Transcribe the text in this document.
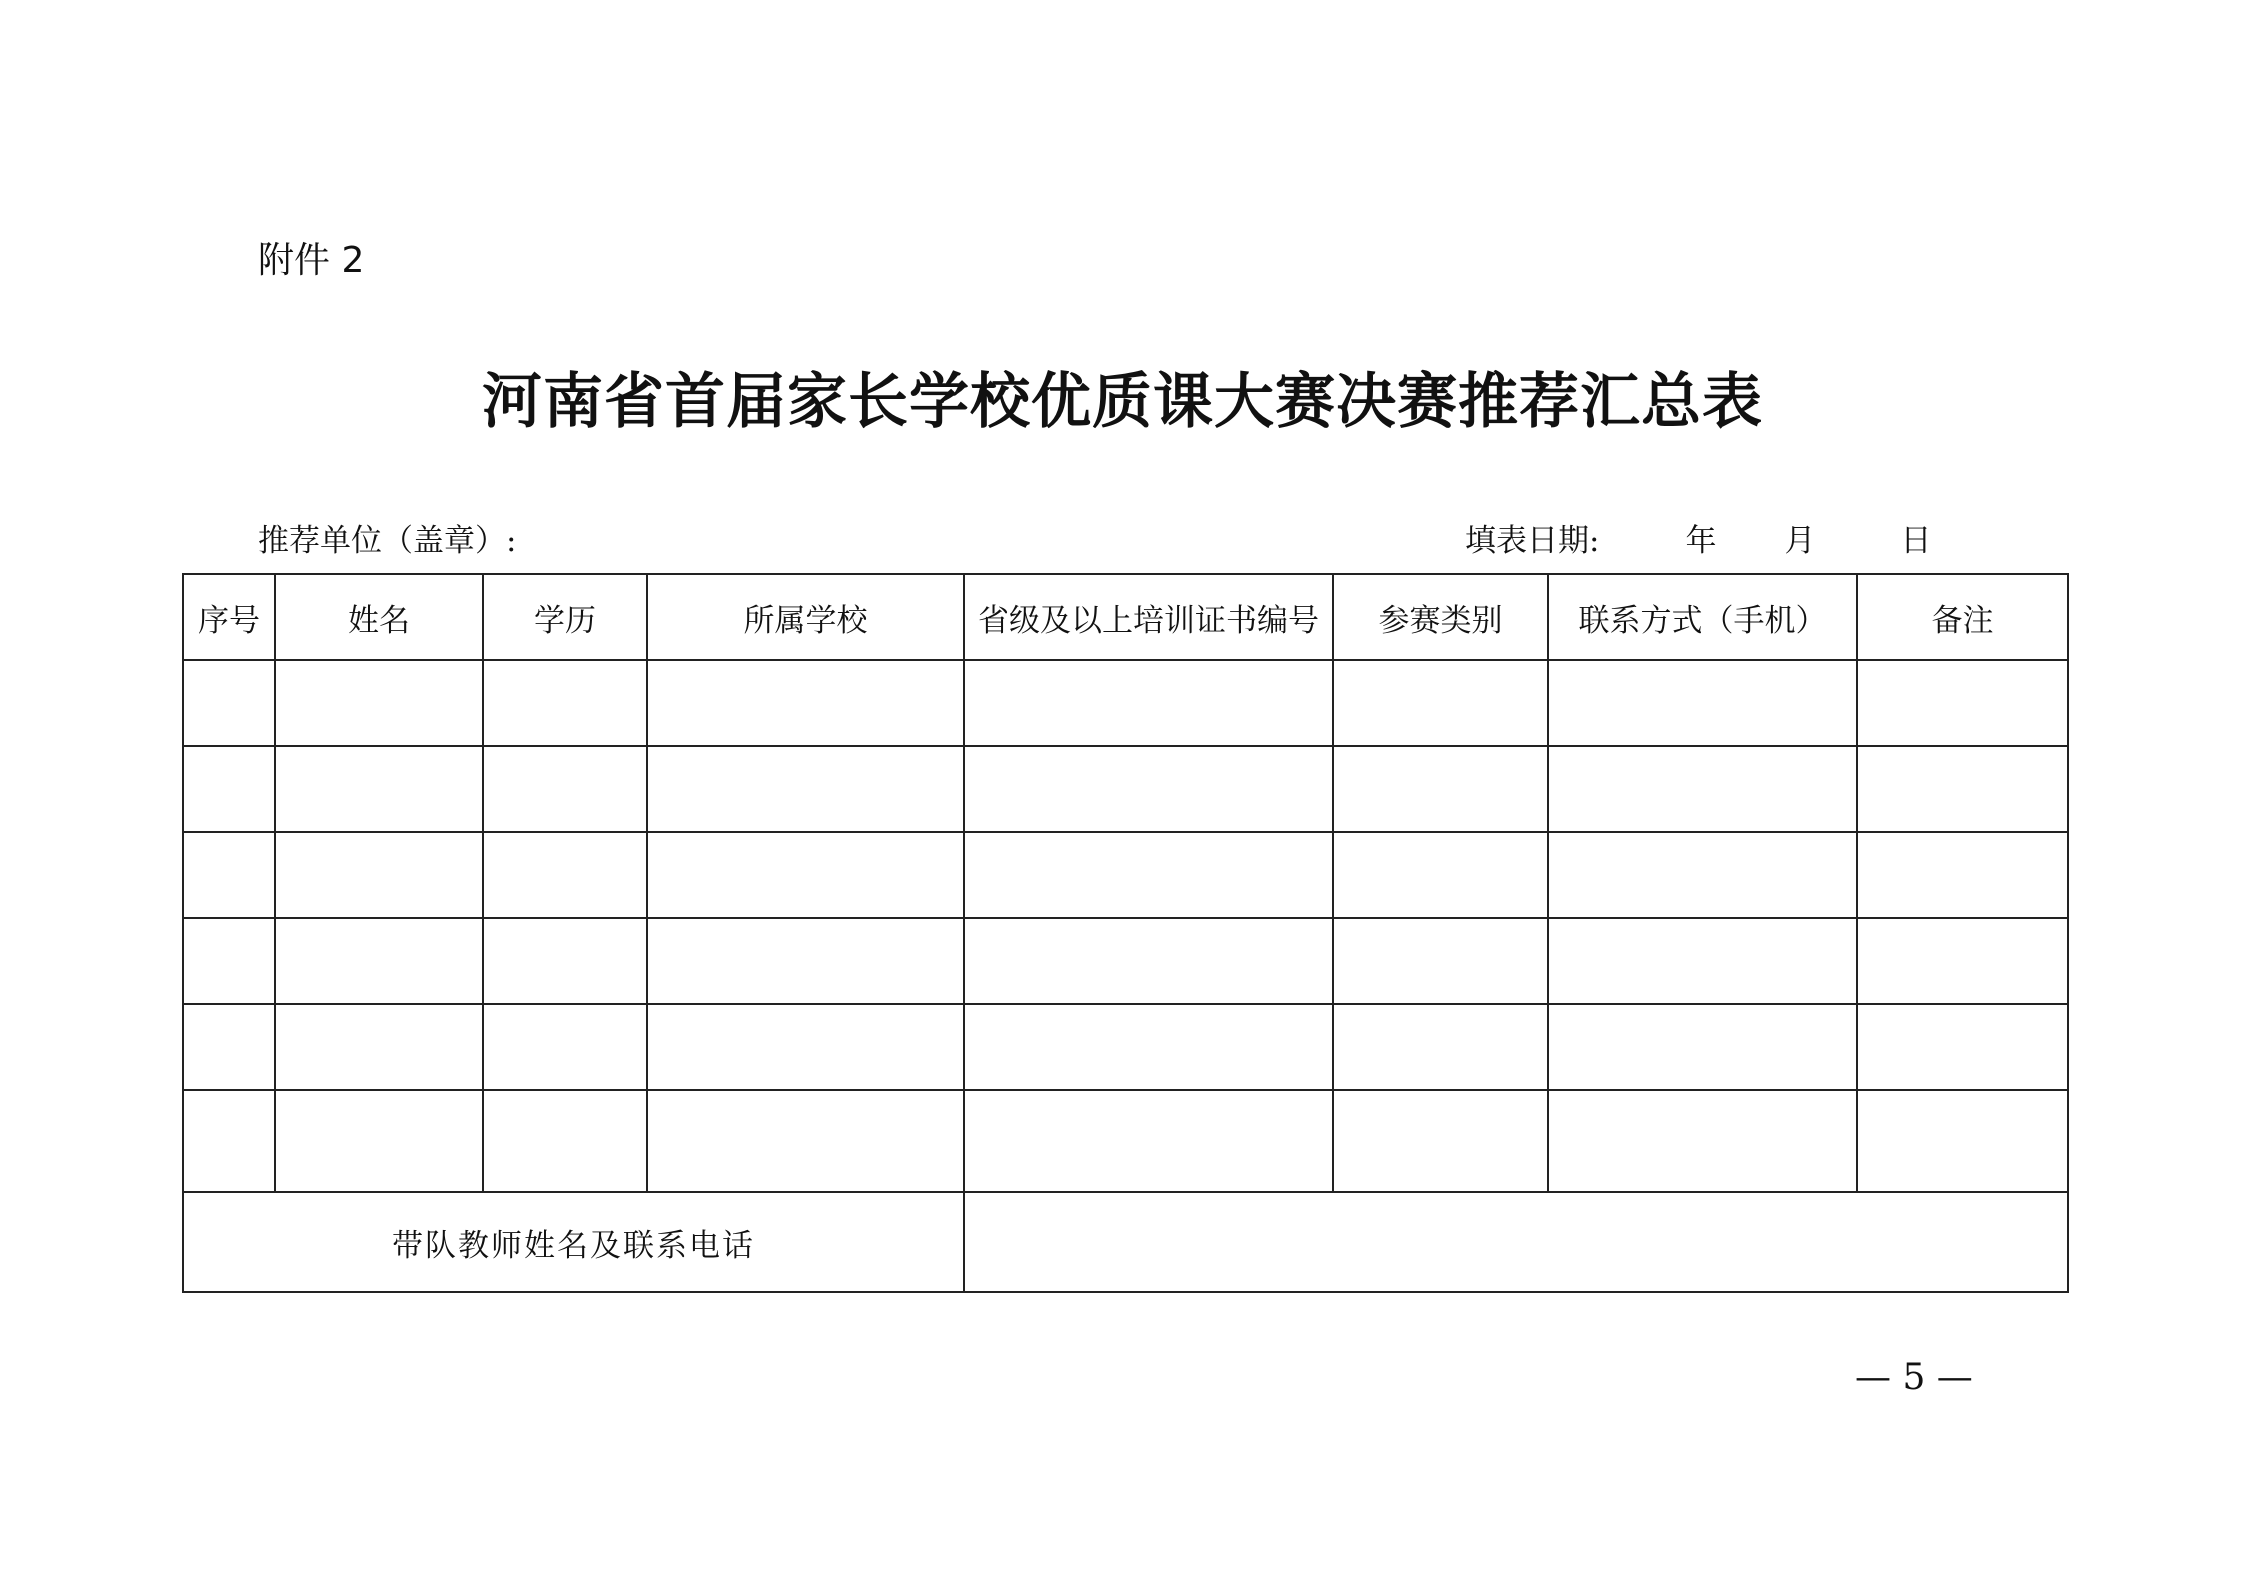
附件 2
河南省首届家长学校优质课大赛决赛推荐汇总表
推荐单位（盖章）:	填表日期:	年 月	日
序号	姓名	学历	所属学校	省级及以上培训证书编号	参赛类别	联系方式（手机）	备注

带队教师姓名及联系电话							
— 5 —
